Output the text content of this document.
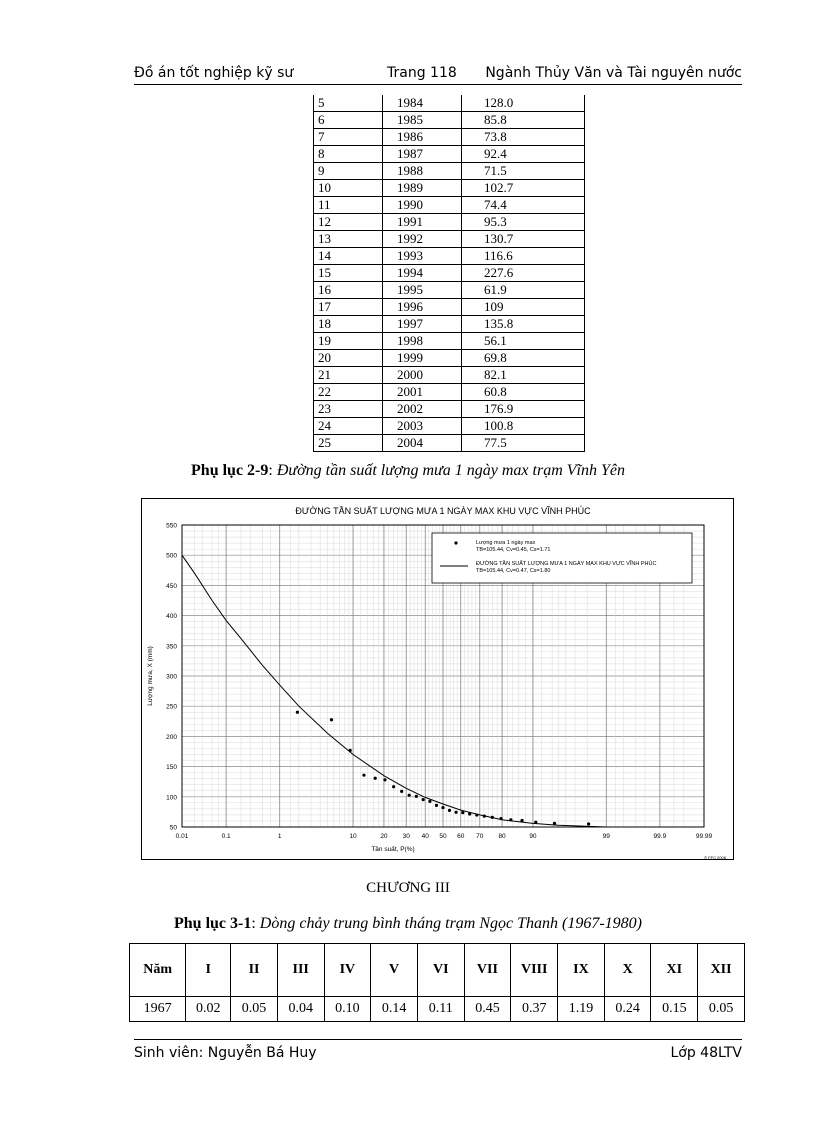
Đồ án tốt nghiệp kỹ sư	Trang 118 Ngành Thủy Văn và Tài nguyên nước
5	1984	128.0
6	1985	85.8
7	1986	73.8
8	1987	92.4
9	1988	71.5
10	1989	102.7
11	1990	74.4
12	1991	95.3
13	1992	130.7
14	1993	116.6
15	1994	227.6
16	1995	61.9
17	1996	109
18	1997	135.8
19	1998	56.1
20	1999	69.8
21	2000	82.1
22	2001	60.8
23	2002	176.9
24	2003	100.8
25	2004	77.5
Phụ lục 2-9: Đường tần suất lượng mưa 1 ngày max trạm Vĩnh Yên
ĐƯỜNG TẦN SUẤT LƯỢNG MƯA 1 NGÀY MAX KHU VỰC VĨNH PHÚC
50
100
150
200
250
300
350
400
450
500
550
0.01	0.1	1	10	20 30 40 50 60 70 80	90	99	99.9	99.99
Tần suất, P(%)
Lượng mưa, X (mm)
© FFC 2008
Lượng mưa 1 ngày max
TB=105.44, Cv=0.45, Cs=1.71
ĐƯỜNG TẦN SUẤT LƯỢNG MƯA 1 NGÀY MAX KHU VỰC VĨNH PHÚC
TB=105.44, Cv=0.47, Cs=1.80
CHƯƠNG III
Phụ lục 3-1: Dòng chảy trung bình tháng trạm Ngọc Thanh (1967-1980)
Năm	I	II	III	IV	V	VI	VII	VIII	IX	X	XI	XII
1967	0.02	0.05	0.04	0.10	0.14	0.11	0.45	0.37	1.19	0.24	0.15	0.05
Sinh viên: Nguyễn Bá Huy	Lớp 48LTV
